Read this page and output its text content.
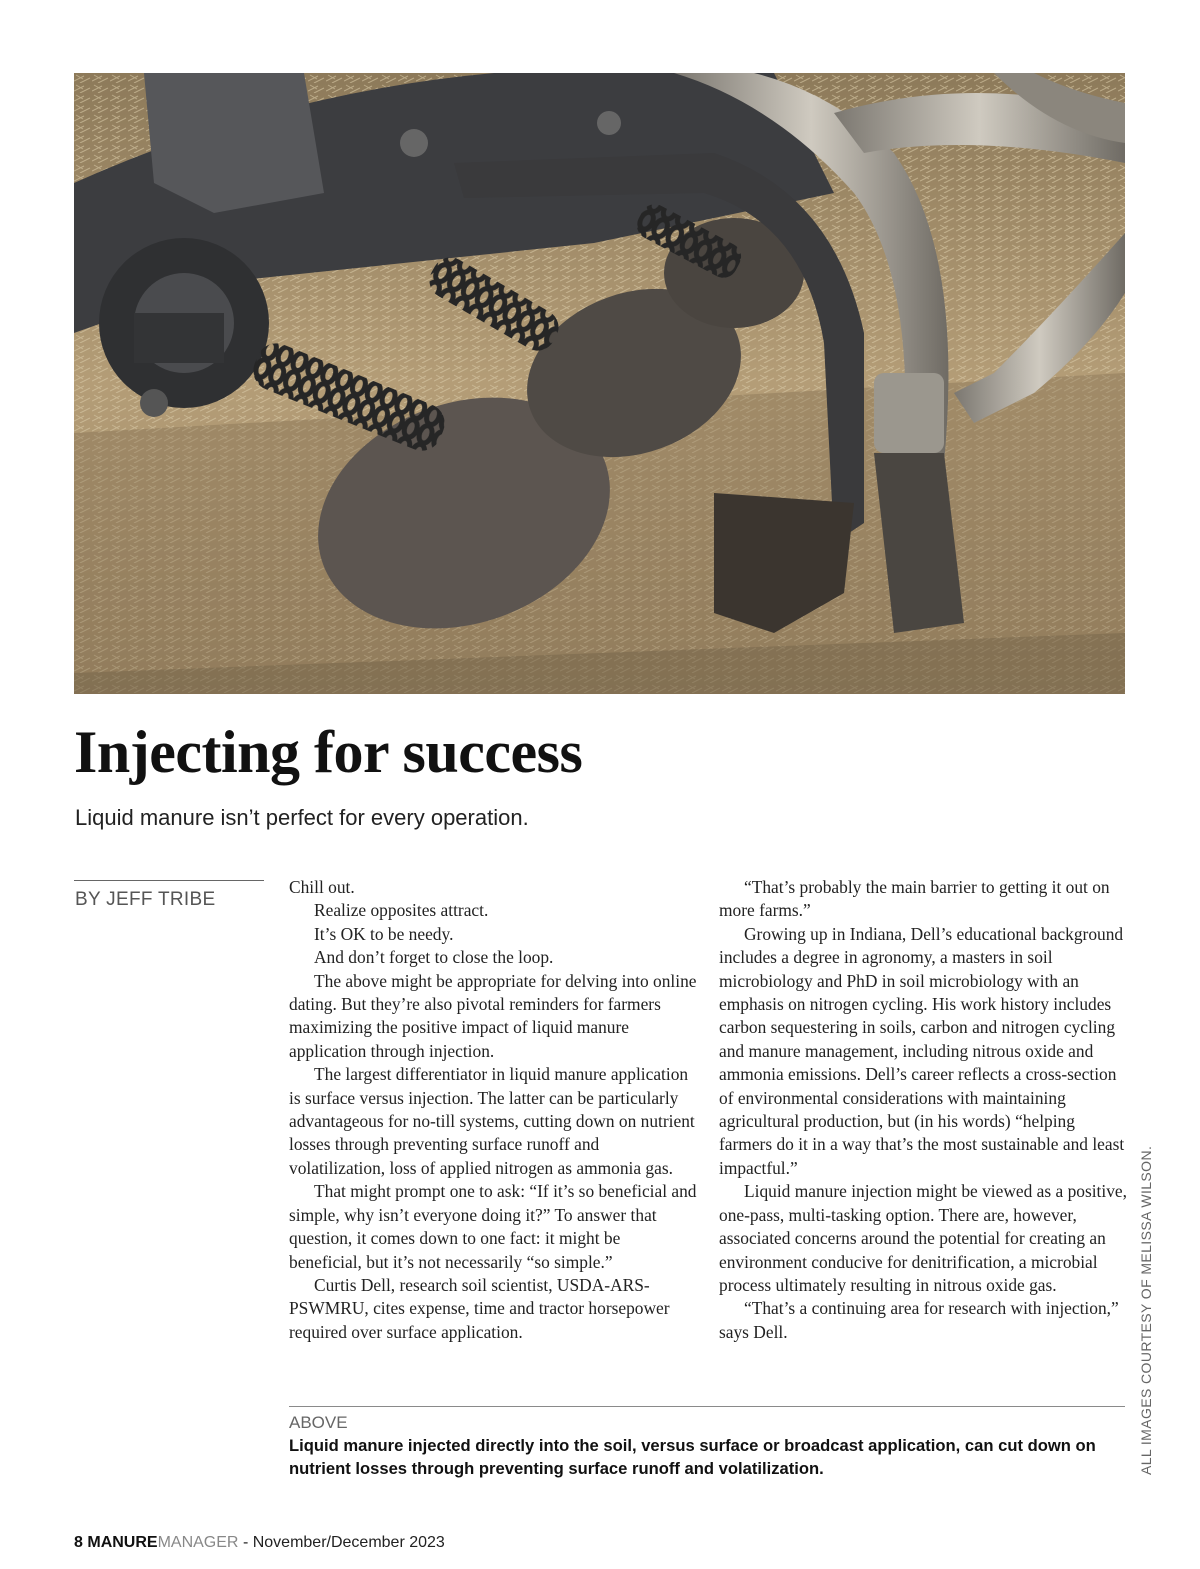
Injecting for success

Liquid manure isn’t perfect for every operation.

BY JEFF TRIBE

Chill out.

Realize opposites attract.

It’s OK to be needy.

And don’t forget to close the loop.

The above might be appropriate for delving into online dating. But they’re also pivotal reminders for farmers maximizing the positive impact of liquid manure application through injection.

The largest differentiator in liquid manure application is surface versus injection. The latter can be particularly advantageous for no-till systems, cutting down on nutrient losses through preventing surface runoff and volatilization, loss of applied nitrogen as ammonia gas.

That might prompt one to ask: “If it’s so beneficial and simple, why isn’t everyone doing it?” To answer that question, it comes down to one fact: it might be beneficial, but it’s not necessarily “so simple.”

Curtis Dell, research soil scientist, USDA-ARS-PSWMRU, cites expense, time and tractor horsepower required over surface application.

“That’s probably the main barrier to getting it out on more farms.”

Growing up in Indiana, Dell’s educational background includes a degree in agronomy, a masters in soil microbiology and PhD in soil microbiology with an emphasis on nitrogen cycling. His work history includes carbon sequestering in soils, carbon and nitrogen cycling and manure management, including nitrous oxide and ammonia emissions. Dell’s career reflects a cross-section of environmental considerations with maintaining agricultural production, but (in his words) “helping farmers do it in a way that’s the most sustainable and least impactful.”

Liquid manure injection might be viewed as a positive, one-pass, multi-tasking option. There are, however, associated concerns around the potential for creating an environment conducive for denitrification, a microbial process ultimately resulting in nitrous oxide gas.

“That’s a continuing area for research with injection,” says Dell.

ABOVE
Liquid manure injected directly into the soil, versus surface or broadcast application, can cut down on nutrient losses through preventing surface runoff and volatilization.	ALL IMAGES COURTESY OF MELISSA WILSON.
8 MANUREMANAGER - November/December 2023
